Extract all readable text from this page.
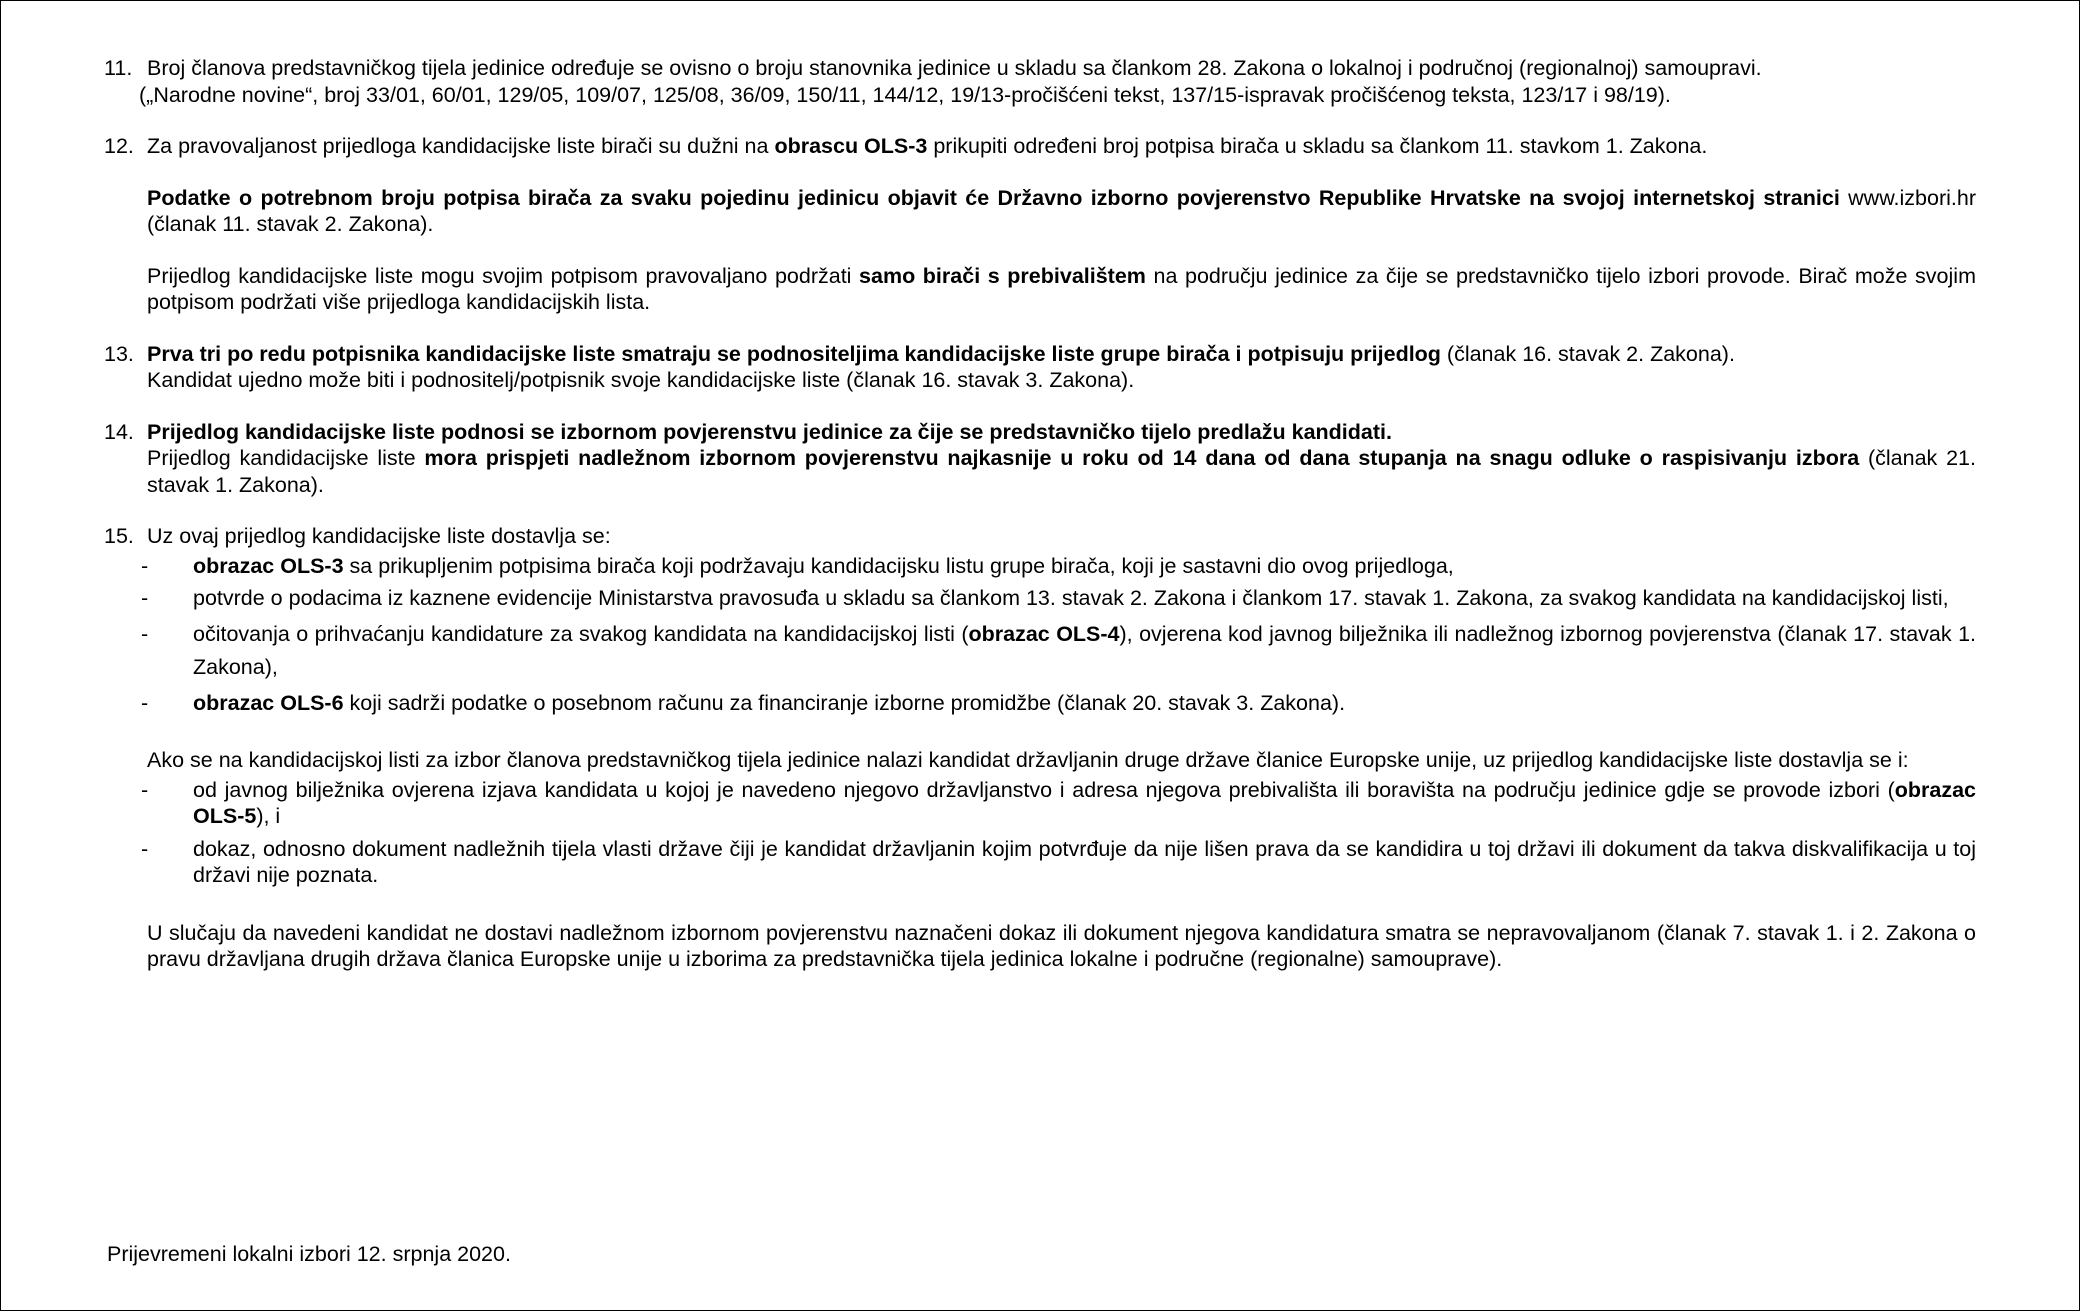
11. Broj članova predstavničkog tijela jedinice određuje se ovisno o broju stanovnika jedinice u skladu sa člankom 28. Zakona o lokalnoj i područnoj (regionalnoj) samoupravi.
(„Narodne novine“, broj 33/01, 60/01, 129/05, 109/07, 125/08, 36/09, 150/11, 144/12, 19/13-pročišćeni tekst, 137/15-ispravak pročišćenog teksta, 123/17 i 98/19).
12. Za pravovaljanost prijedloga kandidacijske liste birači su dužni na obrascu OLS-3 prikupiti određeni broj potpisa birača u skladu sa člankom 11. stavkom 1. Zakona.
Podatke o potrebnom broju potpisa birača za svaku pojedinu jedinicu objavit će Državno izborno povjerenstvo Republike Hrvatske na svojoj internetskoj stranici www.izbori.hr (članak 11. stavak 2. Zakona).
Prijedlog kandidacijske liste mogu svojim potpisom pravovaljano podržati samo birači s prebivalištem na području jedinice za čije se predstavničko tijelo izbori provode. Birač može svojim potpisom podržati više prijedloga kandidacijskih lista.
13. Prva tri po redu potpisnika kandidacijske liste smatraju se podnositeljima kandidacijske liste grupe birača i potpisuju prijedlog (članak 16. stavak 2. Zakona).
Kandidat ujedno može biti i podnositelj/potpisnik svoje kandidacijske liste (članak 16. stavak 3. Zakona).
14. Prijedlog kandidacijske liste podnosi se izbornom povjerenstvu jedinice za čije se predstavničko tijelo predlažu kandidati.
Prijedlog kandidacijske liste mora prispjeti nadležnom izbornom povjerenstvu najkasnije u roku od 14 dana od dana stupanja na snagu odluke o raspisivanju izbora (članak 21. stavak 1. Zakona).
15. Uz ovaj prijedlog kandidacijske liste dostavlja se:
- obrazac OLS-3 sa prikupljenim potpisima birača koji podržavaju kandidacijsku listu grupe birača, koji je sastavni dio ovog prijedloga,
- potvrde o podacima iz kaznene evidencije Ministarstva pravosuđa u skladu sa člankom 13. stavak 2. Zakona i člankom 17. stavak 1. Zakona, za svakog kandidata na kandidacijskoj listi,
- očitovanja o prihvaćanju kandidature za svakog kandidata na kandidacijskoj listi (obrazac OLS-4), ovjerena kod javnog bilježnika ili nadležnog izbornog povjerenstva (članak 17. stavak 1. Zakona),
- obrazac OLS-6 koji sadrži podatke o posebnom računu za financiranje izborne promidžbe (članak 20. stavak 3. Zakona).
Ako se na kandidacijskoj listi za izbor članova predstavničkog tijela jedinice nalazi kandidat državljanin druge države članice Europske unije, uz prijedlog kandidacijske liste dostavlja se i:
- od javnog bilježnika ovjerena izjava kandidata u kojoj je navedeno njegovo državljanstvo i adresa njegova prebivališta ili boravišta na području jedinice gdje se provode izbori (obrazac OLS-5), i
- dokaz, odnosno dokument nadležnih tijela vlasti države čiji je kandidat državljanin kojim potvrđuje da nije lišen prava da se kandidira u toj državi ili dokument da takva diskvalifikacija u toj državi nije poznata.
U slučaju da navedeni kandidat ne dostavi nadležnom izbornom povjerenstvu naznačeni dokaz ili dokument njegova kandidatura smatra se nepravovaljanom (članak 7. stavak 1. i 2. Zakona o pravu državljana drugih država članica Europske unije u izborima za predstavnička tijela jedinica lokalne i područne (regionalne) samouprave).
Prijevremeni lokalni izbori 12. srpnja 2020.
